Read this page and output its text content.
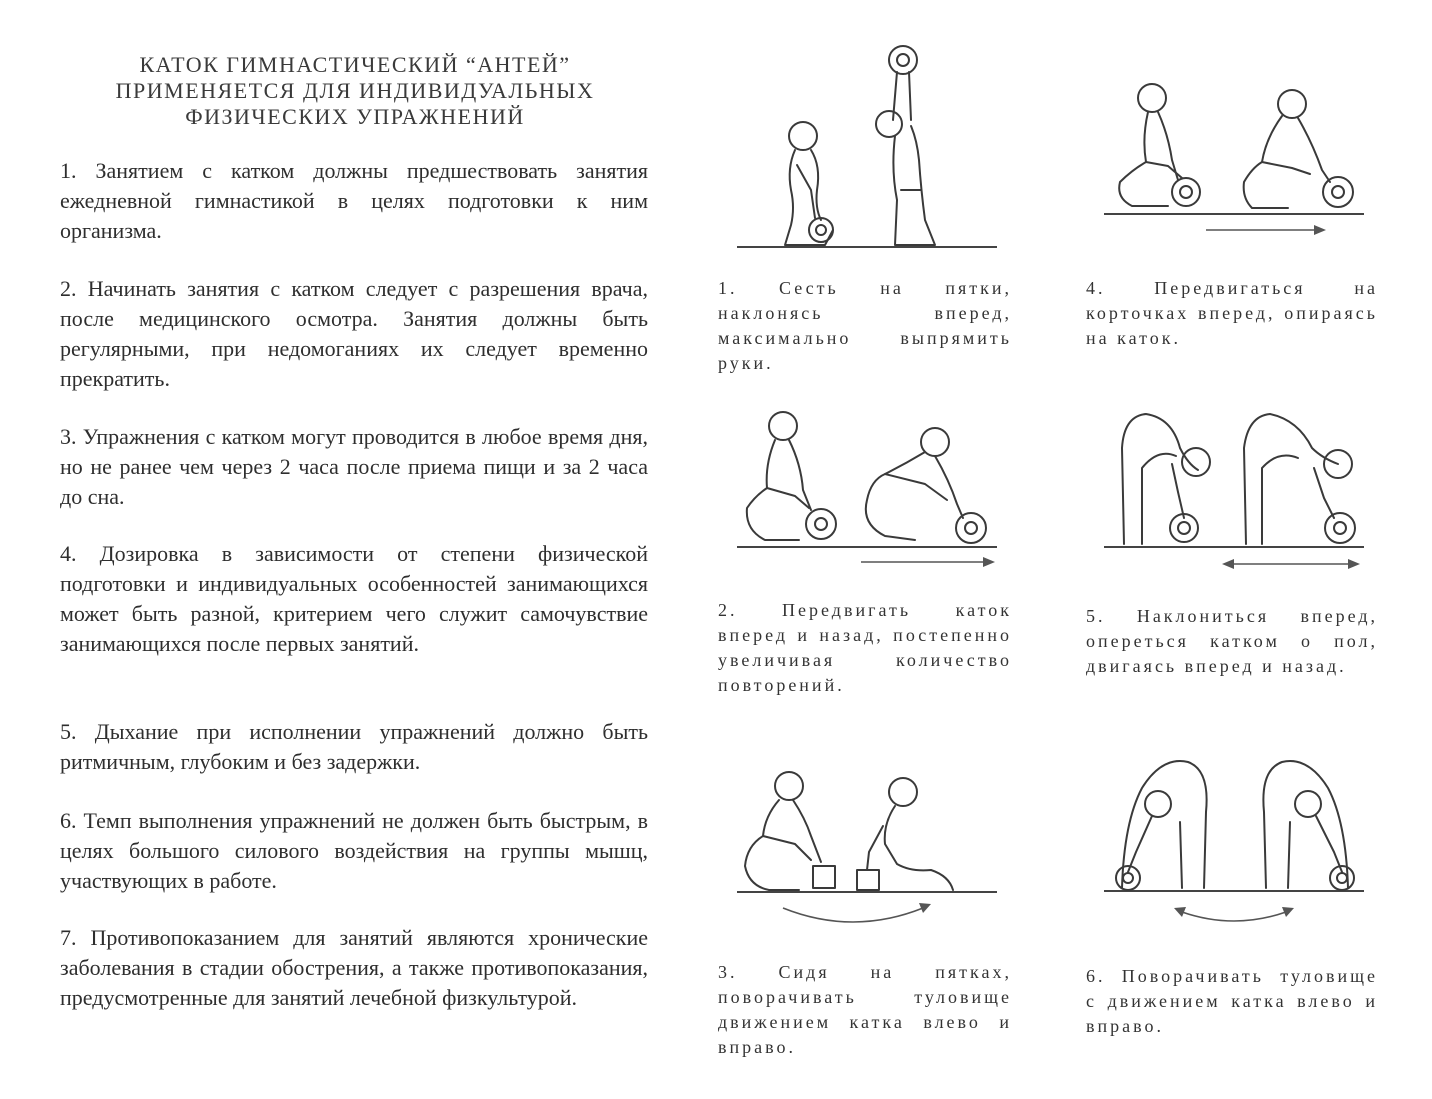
КАТОК ГИМНАСТИЧЕСКИЙ “АНТЕЙ”
ПРИМЕНЯЕТСЯ ДЛЯ ИНДИВИДУАЛЬНЫХ
ФИЗИЧЕСКИХ УПРАЖНЕНИЙ

1. Занятием с катком должны предшествовать занятия ежедневной гимнастикой в целях подготовки к ним организма.

2. Начинать занятия с катком следует с разрешения врача, после медицинского осмотра. Занятия должны быть регулярными, при недомоганиях их следует временно прекратить.

3. Упражнения с катком могут проводится в любое время дня, но не ранее чем через 2 часа после приема пищи и за 2 часа до сна.

4. Дозировка в зависимости от степени физической подготовки и индивидуальных особенностей занимающихся может быть разной, критерием чего служит самочувствие занимающихся после первых занятий.

5. Дыхание при исполнении упражнений должно быть ритмичным, глубоким и без задержки.

6. Темп выполнения упражнений не должен быть быстрым, в целях большого силового воздействия на группы мышц, участвующих в работе.

7. Противопоказанием для занятий являются хронические заболевания в стадии обострения, а также противопоказания, предусмотренные для занятий лечебной физкультурой.

1. Сесть на пятки, наклонясь вперед, максимально выпрямить руки.
4. Передвигаться на корточках вперед, опираясь на каток.
2. Передвигать каток вперед и назад, постепенно увеличивая количество повторений.
5. Наклониться вперед, опереться катком о пол, двигаясь вперед и назад.
3. Сидя на пятках, поворачивать туловище движением катка влево и вправо.
6. Поворачивать туловище с движением катка влево и вправо.
